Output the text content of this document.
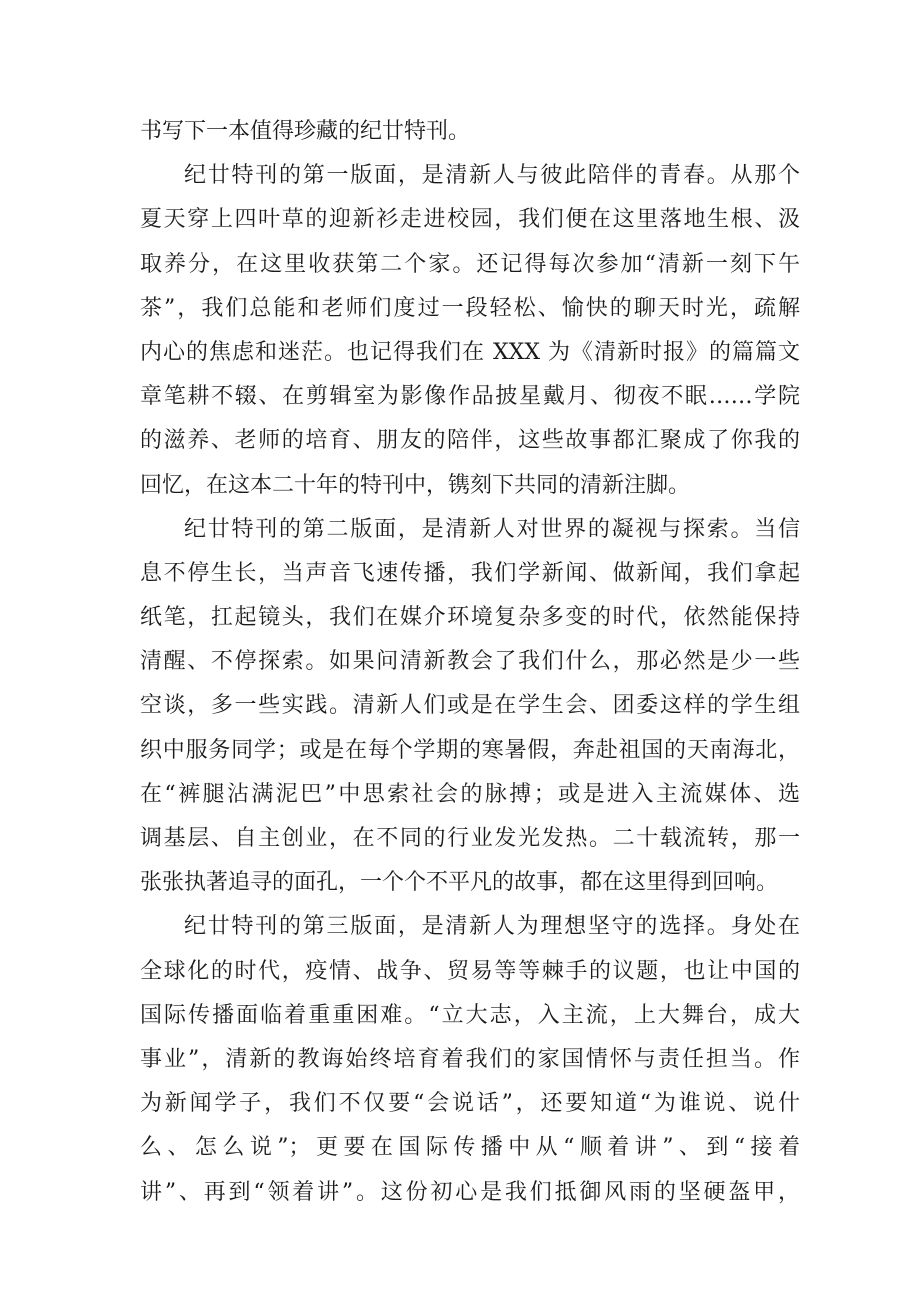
书写下一本值得珍藏的纪廿特刊。
纪廿特刊的第一版面，是清新人与彼此陪伴的青春。从那个
夏天穿上四叶草的迎新衫走进校园，我们便在这里落地生根、汲
取养分，在这里收获第二个家。还记得每次参加“清新一刻下午
茶”，我们总能和老师们度过一段轻松、愉快的聊天时光，疏解
内心的焦虑和迷茫。也记得我们在 XXX 为《清新时报》的篇篇文
章笔耕不辍、在剪辑室为影像作品披星戴月、彻夜不眠……学院
的滋养、老师的培育、朋友的陪伴，这些故事都汇聚成了你我的
回忆，在这本二十年的特刊中，镌刻下共同的清新注脚。
纪廿特刊的第二版面，是清新人对世界的凝视与探索。当信
息不停生长，当声音飞速传播，我们学新闻、做新闻，我们拿起
纸笔，扛起镜头，我们在媒介环境复杂多变的时代，依然能保持
清醒、不停探索。如果问清新教会了我们什么，那必然是少一些
空谈，多一些实践。清新人们或是在学生会、团委这样的学生组
织中服务同学；或是在每个学期的寒暑假，奔赴祖国的天南海北，
在“裤腿沾满泥巴”中思索社会的脉搏；或是进入主流媒体、选
调基层、自主创业，在不同的行业发光发热。二十载流转，那一
张张执著追寻的面孔，一个个不平凡的故事，都在这里得到回响。
纪廿特刊的第三版面，是清新人为理想坚守的选择。身处在
全球化的时代，疫情、战争、贸易等等棘手的议题，也让中国的
国际传播面临着重重困难。“立大志，入主流，上大舞台，成大
事业”，清新的教诲始终培育着我们的家国情怀与责任担当。作
为新闻学子，我们不仅要“会说话”，还要知道“为谁说、说什
么、怎么说”；更要在国际传播中从“顺着讲”、到“接着
讲”、再到“领着讲”。这份初心是我们抵御风雨的坚硬盔甲，
